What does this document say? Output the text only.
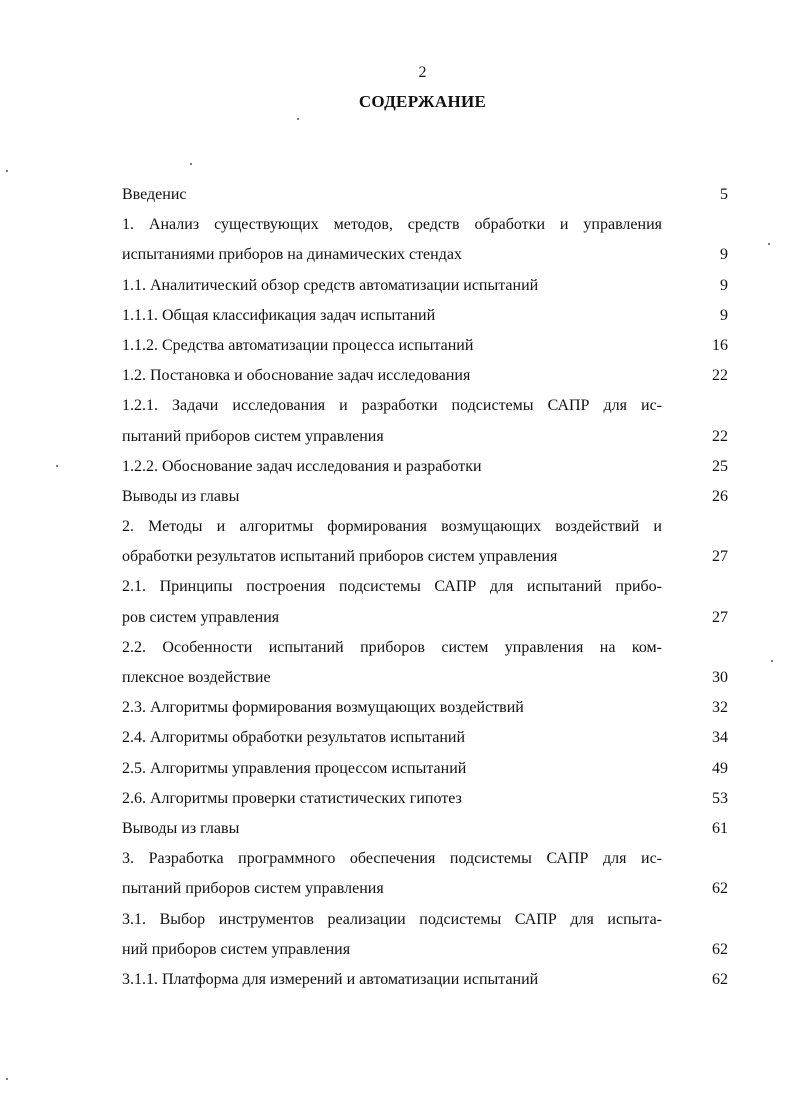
2
СОДЕРЖАНИЕ
Введенис	5
1. Анализ существующих методов, средств обработки и управления
испытаниями приборов на динамических стендах	9
1.1. Аналитический обзор средств автоматизации испытаний	9
1.1.1. Общая классификация задач испытаний	9
1.1.2. Средства автоматизации процесса испытаний	16
1.2. Постановка и обоснование задач исследования	22
1.2.1. Задачи исследования и разработки подсистемы САПР для ис-
пытаний приборов систем управления	22
1.2.2. Обоснование задач исследования и разработки	25
Выводы из главы	26
2. Методы и алгоритмы формирования возмущающих воздействий и
обработки результатов испытаний приборов систем управления	27
2.1. Принципы построения подсистемы САПР для испытаний прибо-
ров систем управления	27
2.2. Особенности испытаний приборов систем управления на ком-
плексное воздействие	30
2.3. Алгоритмы формирования возмущающих воздействий	32
2.4. Алгоритмы обработки результатов испытаний	34
2.5. Алгоритмы управления процессом испытаний	49
2.6. Алгоритмы проверки статистических гипотез	53
Выводы из главы	61
3. Разработка программного обеспечения подсистемы САПР для ис-
пытаний приборов систем управления	62
3.1. Выбор инструментов реализации подсистемы САПР для испыта-
ний приборов систем управления	62
3.1.1. Платформа для измерений и автоматизации испытаний	62
